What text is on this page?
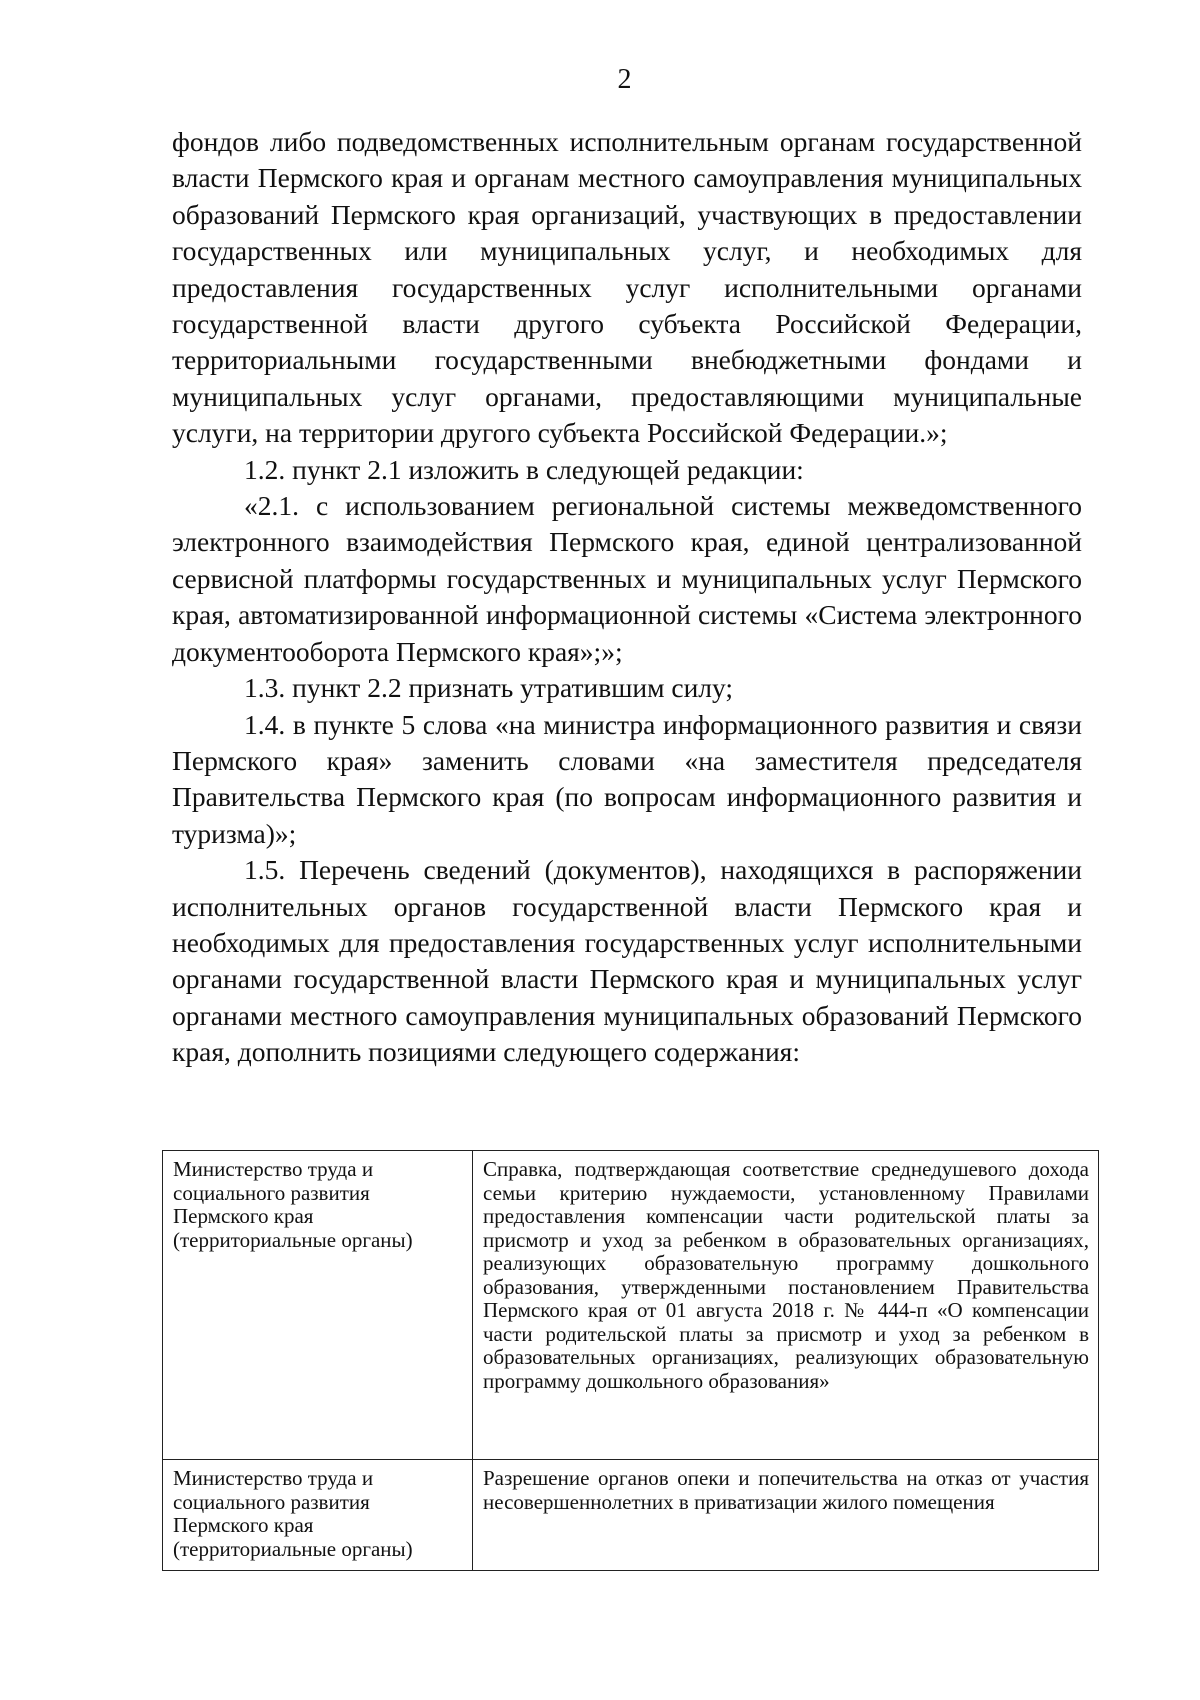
2

фондов либо подведомственных исполнительным органам государственной власти Пермского края и органам местного самоуправления муниципальных образований Пермского края организаций, участвующих в предоставлении государственных или муниципальных услуг, и необходимых для предоставления государственных услуг исполнительными органами государственной власти другого субъекта Российской Федерации, территориальными государственными внебюджетными фондами и муниципальных услуг органами, предоставляющими муниципальные услуги, на территории другого субъекта Российской Федерации.»;

1.2. пункт 2.1 изложить в следующей редакции:

«2.1. с использованием региональной системы межведомственного электронного взаимодействия Пермского края, единой централизованной сервисной платформы государственных и муниципальных услуг Пермского края, автоматизированной информационной системы «Система электронного документооборота Пермского края»;»;

1.3. пункт 2.2 признать утратившим силу;

1.4. в пункте 5 слова «на министра информационного развития и связи Пермского края» заменить словами «на заместителя председателя Правительства Пермского края (по вопросам информационного развития и туризма)»;

1.5. Перечень сведений (документов), находящихся в распоряжении исполнительных органов государственной власти Пермского края и необходимых для предоставления государственных услуг исполнительными органами государственной власти Пермского края и муниципальных услуг органами местного самоуправления муниципальных образований Пермского края, дополнить позициями следующего содержания:

Министерство труда и социального развития Пермского края (территориальные органы)	Справка, подтверждающая соответствие среднедушевого дохода семьи критерию нуждаемости, установленному Правилами предоставления компенсации части родительской платы за присмотр и уход за ребенком в образовательных организациях, реализующих образовательную программу дошкольного образования, утвержденными постановлением Правительства Пермского края от 01 августа 2018 г. № 444-п «О компенсации части родительской платы за присмотр и уход за ребенком в образовательных организациях, реализующих образовательную программу дошкольного образования»
Министерство труда и социального развития Пермского края (территориальные органы)	Разрешение органов опеки и попечительства на отказ от участия несовершеннолетних в приватизации жилого помещения
